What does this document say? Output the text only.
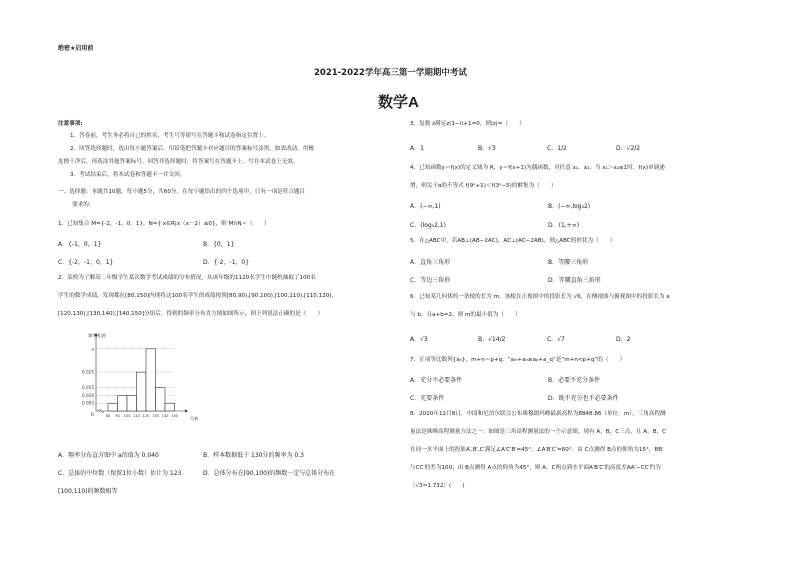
绝密★启用前
2021-2022学年高三第一学期期中考试
数学A
注意事项:
1．答卷前，考生务必将自己的姓名、考生号等填写在答题卡和试卷指定位置上。
2．回答选择题时，选出每小题答案后，用铅笔把答题卡对应题目的答案标号涂黑。如需改动，用橡
皮擦干净后，再选涂其他答案标号。回答非选择题时，将答案写在答题卡上。写在本试卷上无效。
3．考试结束后，将本试卷和答题卡一并交回。
一、选择题：本题共10题，每小题5分，共60分。在每小题给出的四个选项中，只有一项是符合题目
要求的。
1．已知集合 M={-2，-1，0，1}，N={ x∈R|x（x－2）≤0}，则 M∩N＝（　　）
A．{-1，0，1}	B．{0，1}
C．{-2，-1，0，1}	D．{-2，-1，0}
2．某校为了解高二年级学生某次数学考试成绩的分布情况，从该年级的1120名学生中随机抽取了100名
学生的数学成绩，发现都在[80,150]内现将这100名学生的成绩按照[80,90),[90,100),[100,110),[110,120),
[120,130),[130,140),[140,150]分组后，得到的频率分布直方图如图所示，则下列说法正确的是（　　）
频率/组距
分数
a
0.025
0.015
0.010
0.005
O	80 90 100 110 120 130 140 150
A．频率分布直方图中 a的值为 0.040	B．样本数据低于 130分的频率为 0.3
C．总体的中位数（保留1位小数）估计为 123	D．总体分布在[90,100)的频数一定与总体分布在
[100,110)的频数相等
3．复数 z满足z(1−i)+1=0，则|z|=（　　）
A．1	B．√3	C．1/2	D．√2/2
4．已知函数y＝f(x)的定义域为 R，y＝f(x+1)为偶函数，对任意 x₁，x₂，当 x₁＞x₂≥1时，f(x)单调递
增，则关于a的不等式 f(9ᵃ+1)＜f(3ᵃ−5)的解集为（　　）
A．(−∞,1)	B．(−∞,log₃2)
C．(log₃2,1)	D．(1,+∞)
5．在△ABC中，若AB⊥(AB−2AC)，AC⊥(AC−2AB)，则△ABC的形状为（　　）
A．直角三角形	B．等腰三角形
C．等边三角形	D．等腰直角三角形
6．已知某几何体的一条棱的长为 m，该棱在正视图中的投影长为 √6，在侧视图与俯视图中的投影长为 a
与 b，且a+b=2，则 m的最小值为（　　）
A．√3	B．√14/2	C．√7	D．2
7．正项等比数列{aₙ}，m+n＝p+q，“aₘ+aₙ≥aₚ+a_q”是“m+n<p+q”的（　　）
A．充分不必要条件	B．必要不充分条件
C．充要条件	D．既不充分也不必要条件
8．2020年12月8日，中国和尼泊尔联合公布珠穆朗玛峰最新高程为8848.86（单位：m），三角高程测
量法是珠峰高程测量方法之一．如图是三角高程测量法的一个示意图，现有 A，B，C三点，且 A，B，C
在同一水平面上的投影A′,B′,C′满足∠A′C′B′=45°，∠A′B′C′=60°．由 C点测得 B点的仰角为15°，BB′
与CC′的差为100；由 B点测得 A点的仰角为45°，则 A，C两点到水平面A′B′C′的高度差AA′−CC′约为
（√3≈1.732）(　　)
